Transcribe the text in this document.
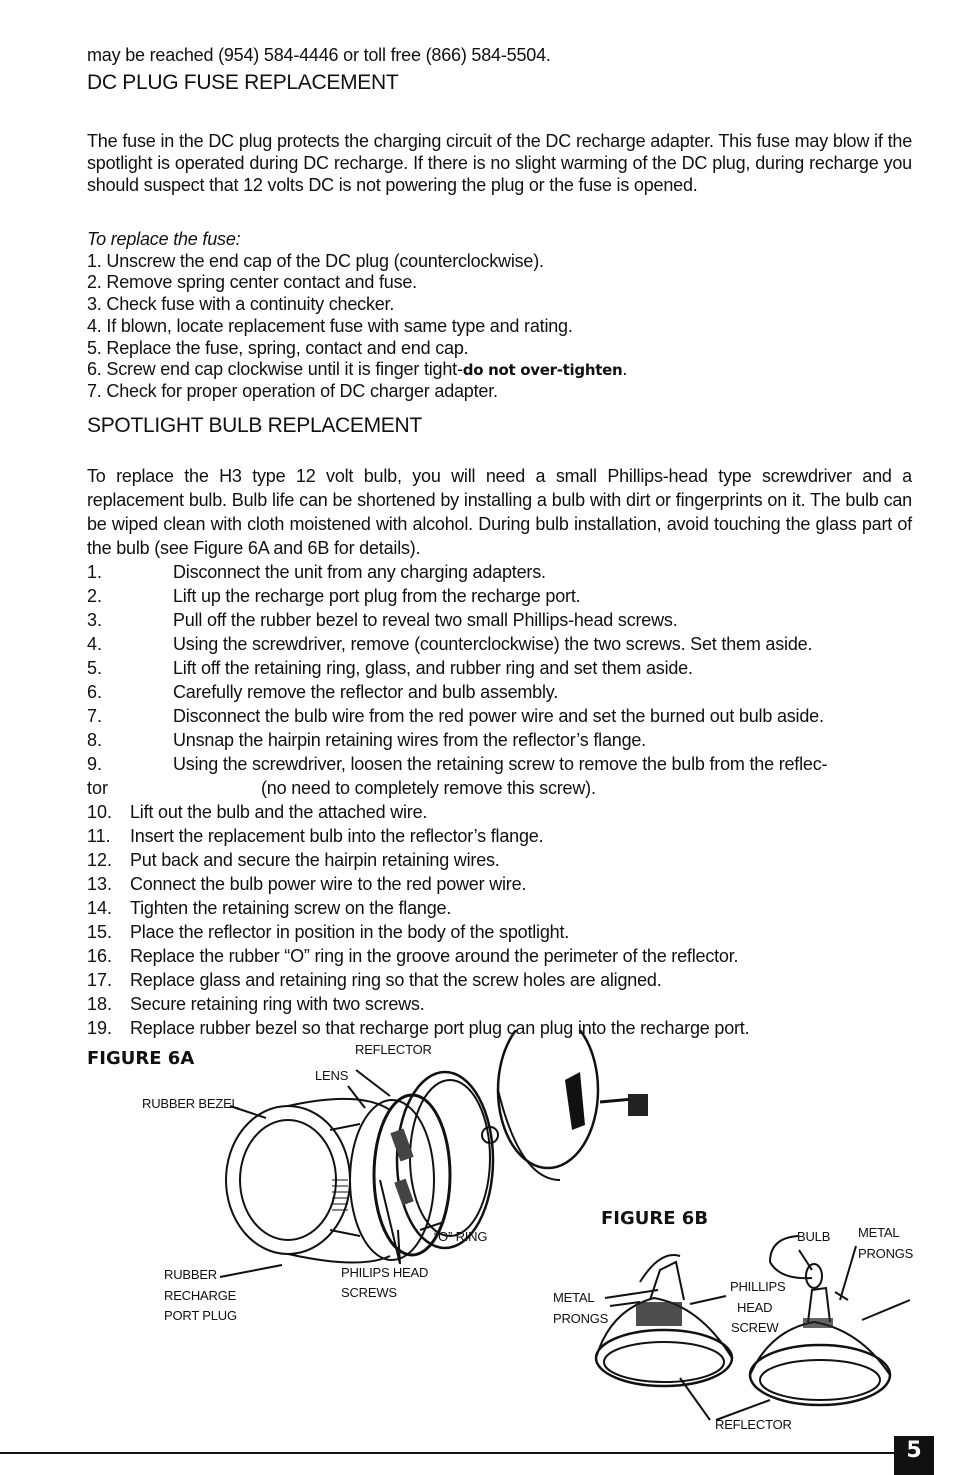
may be reached (954) 584-4446 or toll free (866) 584-5504.
DC PLUG FUSE REPLACEMENT
The fuse in the DC plug protects the charging circuit of the DC recharge adapter. This fuse may blow if the spotlight is operated during DC recharge. If there is no slight warming of the DC plug, during recharge you should suspect that 12 volts DC is not powering the plug or the fuse is opened.
To replace the fuse:
1. Unscrew the end cap of the DC plug (counterclockwise).
2. Remove spring center contact and fuse.
3. Check fuse with a continuity checker.
4. If blown, locate replacement fuse with same type and rating.
5. Replace the fuse, spring, contact and end cap.
6. Screw end cap clockwise until it is finger tight-do not over-tighten.
7. Check for proper operation of DC charger adapter.
SPOTLIGHT BULB REPLACEMENT
To replace the H3 type 12 volt bulb, you will need a small Phillips-head type screwdriver and a replacement bulb. Bulb life can be shortened by installing a bulb with dirt or fingerprints on it. The bulb can be wiped clean with cloth moistened with alcohol. During bulb installation, avoid touching the glass part of the bulb (see Figure 6A and 6B for details).
1.	Disconnect the unit from any charging adapters.
2.	Lift up the recharge port plug from the recharge port.
3.	Pull off the rubber bezel to reveal two small Phillips-head screws.
4.	Using the screwdriver, remove (counterclockwise) the two screws. Set them aside.
5.	Lift off the retaining ring, glass, and rubber ring and set them aside.
6.	Carefully remove the reflector and bulb assembly.
7.	Disconnect the bulb wire from the red power wire and set the burned out bulb aside.
8.	Unsnap the hairpin retaining wires from the reflector’s flange.
9.	Using the screwdriver, loosen the retaining screw to remove the bulb from the reflec-
tor	(no need to completely remove this screw).
10. Lift out the bulb and the attached wire.
11. Insert the replacement bulb into the reflector’s flange.
12. Put back and secure the hairpin retaining wires.
13. Connect the bulb power wire to the red power wire.
14. Tighten the retaining screw on the flange.
15. Place the reflector in position in the body of the spotlight.
16. Replace the rubber “O” ring in the groove around the perimeter of the reflector.
17. Replace glass and retaining ring so that the screw holes are aligned.
18. Secure retaining ring with two screws.
19. Replace rubber bezel so that recharge port plug can plug into the recharge port.
FIGURE 6A	REFLECTOR
LENS
RUBBER BEZEL
“O” RING
RUBBER
RECHARGE
PORT PLUG
PHILIPS HEAD
SCREWS
FIGURE 6B
BULB METAL
PRONGS
PHILLIPS
HEAD
SCREW
METAL
PRONGS
REFLECTOR
5
